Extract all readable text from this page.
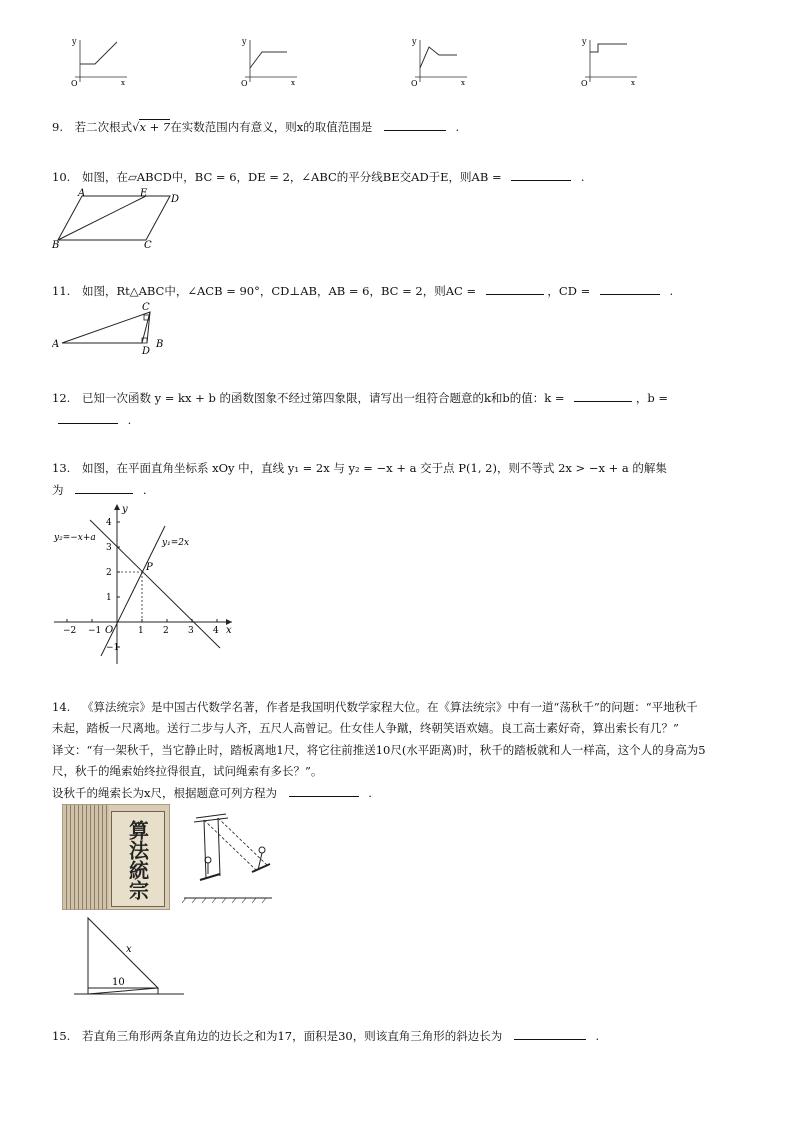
y
x
O
y
x
O
y
x
O
y
x
O
9. 若二次根式√x + 7在实数范围内有意义，则x的取值范围是	.
10. 如图，在▱ABCD中，BC = 6，DE = 2，∠ABC的平分线BE交AD于E，则AB =	.
A	E
D
B	C
11. 如图，Rt△ABC中，∠ACB = 90°，CD⊥AB，AB = 6，BC = 2，则AC =	，CD =	.
A	B
C
D
12. 已知一次函数 y = kx + b 的函数图象不经过第四象限，请写出一组符合题意的k和b的值：k =	，b =
.
13. 如图，在平面直角坐标系 xOy 中，直线 y₁ = 2x 与 y₂ = −x + a 交于点 P(1, 2)，则不等式 2x > −x + a 的解集
为	.
y
x
O
P
y₂=−x+a	y₁=2x
−2 −1	1 2 3 4
4
3
2
1
−1
14. 《算法统宗》是中国古代数学名著，作者是我国明代数学家程大位。在《算法统宗》中有一道“荡秋千”的问题：“平地秋千
未起，踏板一尺离地。送行二步与人齐，五尺人高曾记。仕女佳人争蹴，终朝笑语欢嬉。良工高士素好奇，算出索长有几？”
译文：“有一架秋千，当它静止时，踏板离地1尺，将它往前推送10尺(水平距离)时，秋千的踏板就和人一样高，这个人的身高为5
尺，秋千的绳索始终拉得很直，试问绳索有多长？”。
设秋千的绳索长为x尺，根据题意可列方程为	.
算法統宗
x
10
15. 若直角三角形两条直角边的边长之和为17，面积是30，则该直角三角形的斜边长为	.
